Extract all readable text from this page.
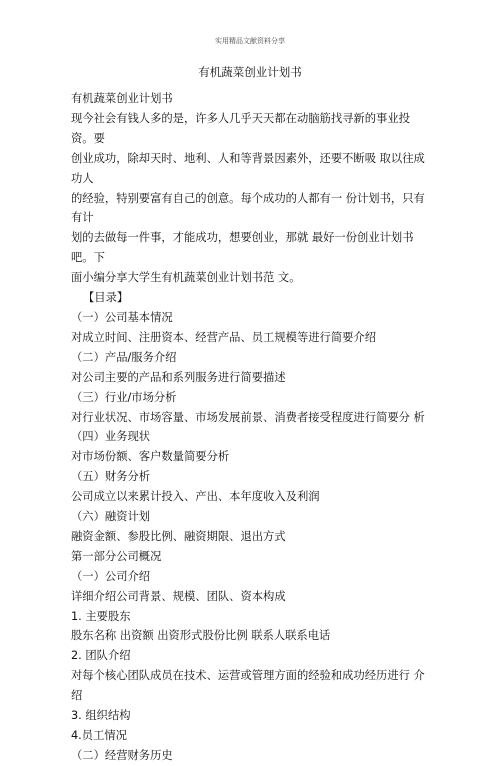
实用精品文献资料分享
有机蔬菜创业计划书

有机蔬菜创业计划书

现今社会有钱人多的是，许多人几乎天天都在动脑筋找寻新的事业投 资。要

创业成功，除却天时、地利、人和等背景因素外，还要不断吸 取以往成功人

的经验，特别要富有自己的创意。每个成功的人都有一 份计划书，只有有计

划的去做每一件事，才能成功，想要创业，那就 最好一份创业计划书吧。下

面小编分享大学生有机蔬菜创业计划书范 文。

【目录】

（一）公司基本情况

对成立时间、注册资本、经营产品、员工规模等进行简要介绍

（二）产品/服务介绍

对公司主要的产品和系列服务进行简要描述

（三）行业/市场分析

对行业状况、市场容量、市场发展前景、消费者接受程度进行简要分 析

（四）业务现状

对市场份额、客户数量简要分析

（五）财务分析

公司成立以来累计投入、产出、本年度收入及利润

（六）融资计划

融资金额、参股比例、融资期限、退出方式

第一部分公司概况

（一）公司介绍

详细介绍公司背景、规模、团队、资本构成

1. 主要股东

股东名称 出资额 出资形式股份比例 联系人联系电话

2. 团队介绍

对每个核心团队成员在技术、运营或管理方面的经验和成功经历进行 介绍

3. 组织结构

4.员工情况

（二）经营财务历史
